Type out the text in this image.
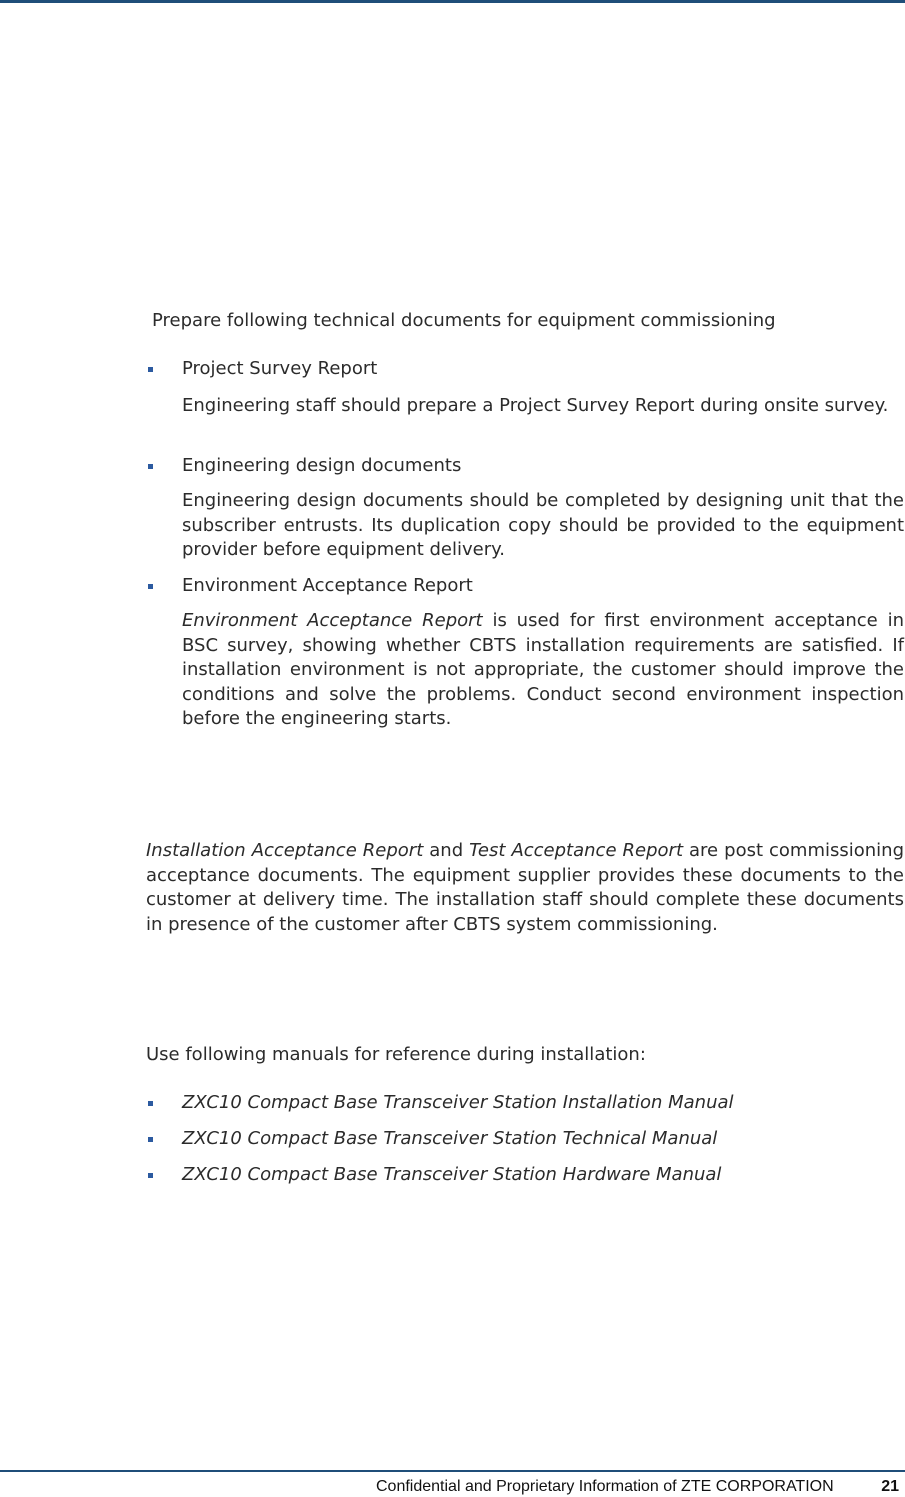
Prepare following technical documents for equipment commissioning
Project Survey Report
Engineering staff should prepare a Project Survey Report during onsite survey.
Engineering design documents
Engineering design documents should be completed by designing unit that the subscriber entrusts. Its duplication copy should be provided to the equipment provider before equipment delivery.
Environment Acceptance Report
Environment Acceptance Report is used for first environment acceptance in BSC survey, showing whether CBTS installation requirements are satisfied. If installation environment is not appropriate, the customer should improve the conditions and solve the problems. Conduct second environment inspection before the engineering starts.
Installation Acceptance Report and Test Acceptance Report are post commissioning acceptance documents. The equipment supplier provides these documents to the customer at delivery time. The installation staff should complete these documents in presence of the customer after CBTS system commissioning.
Use following manuals for reference during installation:
ZXC10 Compact Base Transceiver Station Installation Manual
ZXC10 Compact Base Transceiver Station Technical Manual
ZXC10 Compact Base Transceiver Station Hardware Manual
Confidential and Proprietary Information of ZTE CORPORATION	21
